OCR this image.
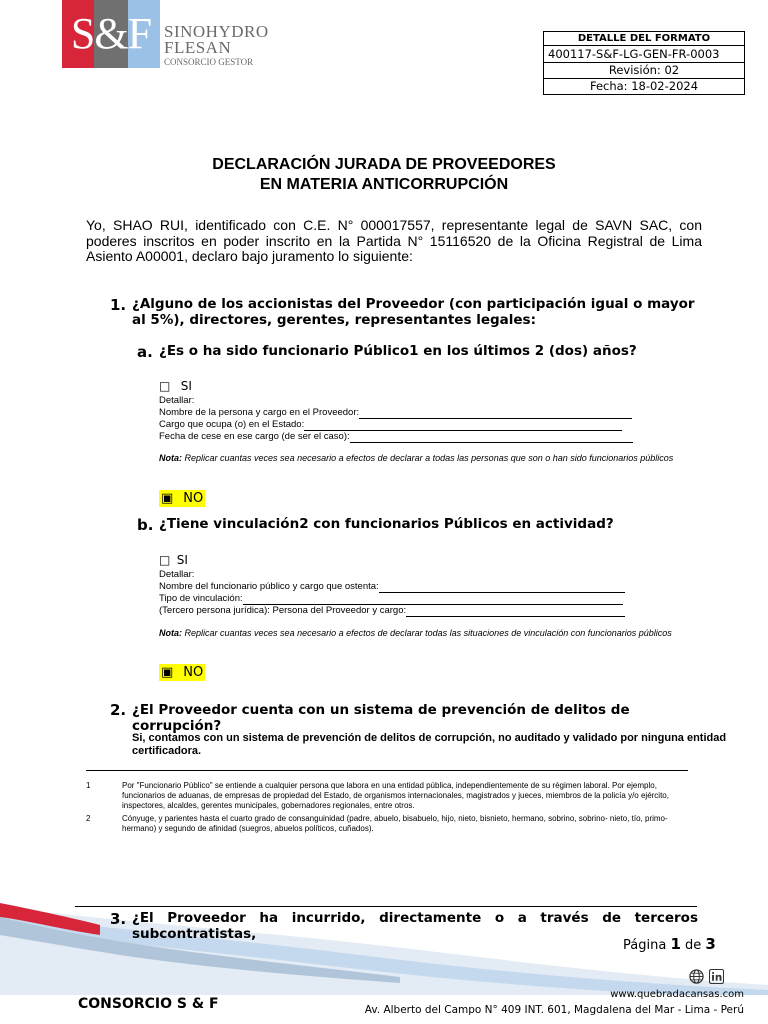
S&F SINOHYDRO
FLESAN
CONSORCIO GESTOR
DETALLE DEL FORMATO
400117-S&F-LG-GEN-FR-0003
Revisión: 02
Fecha: 18-02-2024
DECLARACIÓN JURADA DE PROVEEDORES
EN MATERIA ANTICORRUPCIÓN
Yo, SHAO RUI, identificado con C.E. N° 000017557, representante legal de SAVN SAC, con poderes inscritos en poder inscrito en la Partida N° 15116520 de la Oficina Registral de Lima Asiento A00001, declaro bajo juramento lo siguiente:
1. ¿Alguno de los accionistas del Proveedor (con participación igual o mayor al 5%), directores, gerentes, representantes legales:
a. ¿Es o ha sido funcionario Público1 en los últimos 2 (dos) años?
□ SI
Detallar:
Nombre de la persona y cargo en el Proveedor:
Cargo que ocupa (o) en el Estado:
Fecha de cese en ese cargo (de ser el caso):
Nota: Replicar cuantas veces sea necesario a efectos de declarar a todas las personas que son o han sido funcionarios públicos
▣ NO
b. ¿Tiene vinculación2 con funcionarios Públicos en actividad?
□ SI
Detallar:
Nombre del funcionario público y cargo que ostenta:
Tipo de vinculación:
(Tercero persona jurídica): Persona del Proveedor y cargo:
Nota: Replicar cuantas veces sea necesario a efectos de declarar todas las situaciones de vinculación con funcionarios públicos
▣ NO
2. ¿El Proveedor cuenta con un sistema de prevención de delitos de corrupción?
Si, contamos con un sistema de prevención de delitos de corrupción, no auditado y validado por ninguna entidad certificadora.
1	Por "Funcionario Público" se entiende a cualquier persona que labora en una entidad pública, independientemente de su régimen laboral. Por ejemplo, funcionarios de aduanas, de empresas de propiedad del Estado, de organismos internacionales, magistrados y jueces, miembros de la policía y/o ejército, inspectores, alcaldes, gerentes municipales, gobernadores regionales, entre otros.
2	Cónyuge, y parientes hasta el cuarto grado de consanguinidad (padre, abuelo, bisabuelo, hijo, nieto, bisnieto, hermano, sobrino, sobrino- nieto, tío, primo-hermano) y segundo de afinidad (suegros, abuelos políticos, cuñados).
3. ¿El Proveedor ha incurrido, directamente o a través de terceros subcontratistas,
Página 1 de 3
CONSORCIO S & F
www.quebradacansas.com
Av. Alberto del Campo N° 409 INT. 601, Magdalena del Mar - Lima - Perú
